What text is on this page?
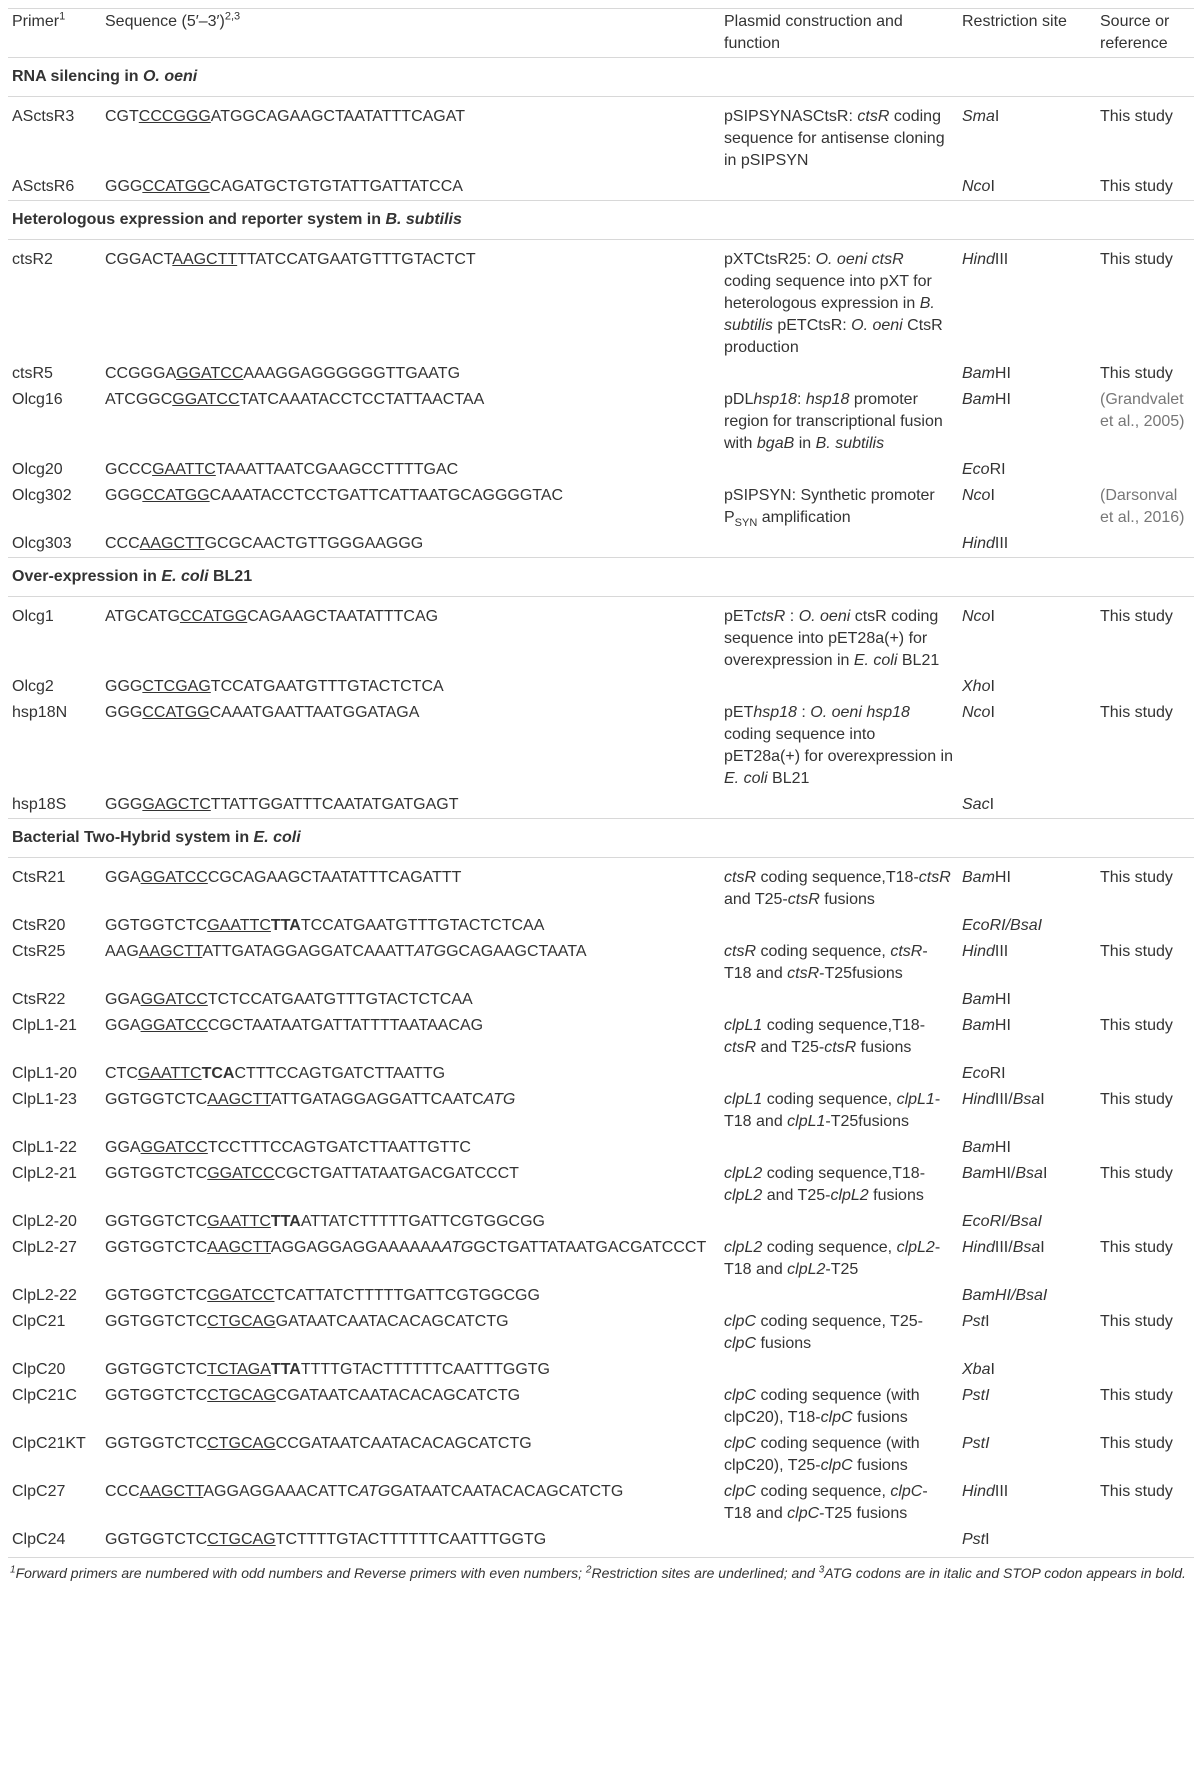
Primer$^1$	Sequence $(5'-3')^{2,3}$	Plasmid construction and function	Restriction site	Source or reference
RNA silencing in O. oeni				
ASctsR3	CGTCCCGGGATGGCAGAAGCTAATATTTCAGAT	pSIPSYNASCtsR: ctsR coding sequence for antisense cloning in pSIPSYN	SmaI	This study
ASctsR6	GGGCCATGGCAGATGCTGTGTATTGATTATCCA		NcoI	This study
Heterologous expression and reporter system in B. subtilis				
ctsR2	CGGACTAAGCTTTTATCCATGAATGTTTGTACTCT	pXTCtsR25: O. oeni ctsR coding sequence into pXT for heterologous expression in B. subtilis pETCtsR: O. oeni CtsR production	HindIII	This study
ctsR5	CCGGGAGGATCCAAAGGAGGGGGGTTGAATG		BamHI	This study
Olcg16	ATCGGCGGATCCTATCAAATACCTCCTATTAACTAA	pDLhsp18: hsp18 promoter region for transcriptional fusion with bgaB in B. subtilis	BamHI	(Grandvalet et al., 2005)
Olcg20	GCCCGAATTCTAAATTAATCGAAGCCTTTTGAC		EcoRI	
Olcg302	GGGCCATGGCAAATACCTCCTGATTCATTAATGCAGGGGTAC	pSIPSYN: Synthetic promoter $P_{SYN}$ amplification	NcoI	(Darsonval et al., 2016)
Olcg303	CCCAAGCTTGCGCAACTGTTGGGAAGGG		HindIII	
Over-expression in E. coli BL21				
Olcg1	ATGCATGCCATGGCAGAAGCTAATATTTCAG	pETctsR : O. oeni ctsR coding sequence into pET28a(+) for overexpression in E. coli BL21	NcoI	This study
Olcg2	GGGCTCGAGTCCATGAATGTTTGTACTCTCA		XhoI	
hsp18N	GGGCCATGGCAAATGAATTAATGGATAGA	pEThsp18 : O. oeni hsp18 coding sequence into pET28a(+) for overexpression in E. coli BL21	NcoI	This study
hsp18S	GGGGAGCTCTTATTGGATTTCAATATGATGAGT		SacI	
Bacterial Two-Hybrid system in E. coli				
CtsR21	GGAGGATCCCGCAGAAGCTAATATTTCAGATTT	ctsR coding sequence,T18-ctsR and T25-ctsR fusions	BamHI	This study
CtsR20	GGTGGTCTCGAATTCTTATCCATGAATGTTTGTACTCTCAA		EcoRI/BsaI	
CtsR25	AAGAAGCTTATTGATAGGAGGATCAAATTATGGCAGAAGCTAATA	ctsR coding sequence, ctsR-T18 and ctsR-T25fusions	HindIII	This study
CtsR22	GGAGGATCCTCTCCATGAATGTTTGTACTCTCAA		BamHI	
ClpL1-21	GGAGGATCCCGCTAATAATGATTATTTTAATAACAG	clpL1 coding sequence,T18-ctsR and T25-ctsR fusions	BamHI	This study
ClpL1-20	CTCGAATTCTCACTTTCCAGTGATCTTAATTG		EcoRI	
ClpL1-23	GGTGGTCTCAAGCTTATTGATAGGAGGATTCAATCATG	clpL1 coding sequence, clpL1-T18 and clpL1-T25fusions	HindIII/BsaI	This study
ClpL1-22	GGAGGATCCTCCTTTCCAGTGATCTTAATTGTTC		BamHI	
ClpL2-21	GGTGGTCTCGGATCCCGCTGATTATAATGACGATCCCT	clpL2 coding sequence,T18-clpL2 and T25-clpL2 fusions	BamHI/BsaI	This study
ClpL2-20	GGTGGTCTCGAATTCTTAATTATCTTTTTGATTCGTGGCGG		EcoRI/BsaI	
ClpL2-27	GGTGGTCTCAAGCTTAGGAGGAGGAAAAAAATGGCTGATTATAATGACGATCCCT	clpL2 coding sequence, clpL2-T18 and clpL2-T25	HindIII/BsaI	This study
ClpL2-22	GGTGGTCTCGGATCCTCATTATCTTTTTGATTCGTGGCGG		BamHI/BsaI	
ClpC21	GGTGGTCTCCTGCAGGATAATCAATACACAGCATCTG	clpC coding sequence, T25-clpC fusions	PstI	This study
ClpC20	GGTGGTCTCTCTAGATTATTTTGTACTTTTTTCAATTTGGTG		XbaI	
ClpC21C	GGTGGTCTCCTGCAGCGATAATCAATACACAGCATCTG	clpC coding sequence (with clpC20), T18-clpC fusions	PstI	This study
ClpC21KT	GGTGGTCTCCTGCAGCCGATAATCAATACACAGCATCTG	clpC coding sequence (with clpC20), T25-clpC fusions	PstI	This study
ClpC27	CCCAAGCTTAGGAGGAAACATTCATGGATAATCAATACACAGCATCTG	clpC coding sequence, clpC-T18 and clpC-T25 fusions	HindIII	This study
ClpC24	GGTGGTCTCCTGCAGTCTTTTGTACTTTTTTCAATTTGGTG		PstI	
$^1$Forward primers are numbered with odd numbers and Reverse primers with even numbers; $^2$Restriction sites are underlined; and $^3$ATG codons are in italic and STOP codon appears in bold.
